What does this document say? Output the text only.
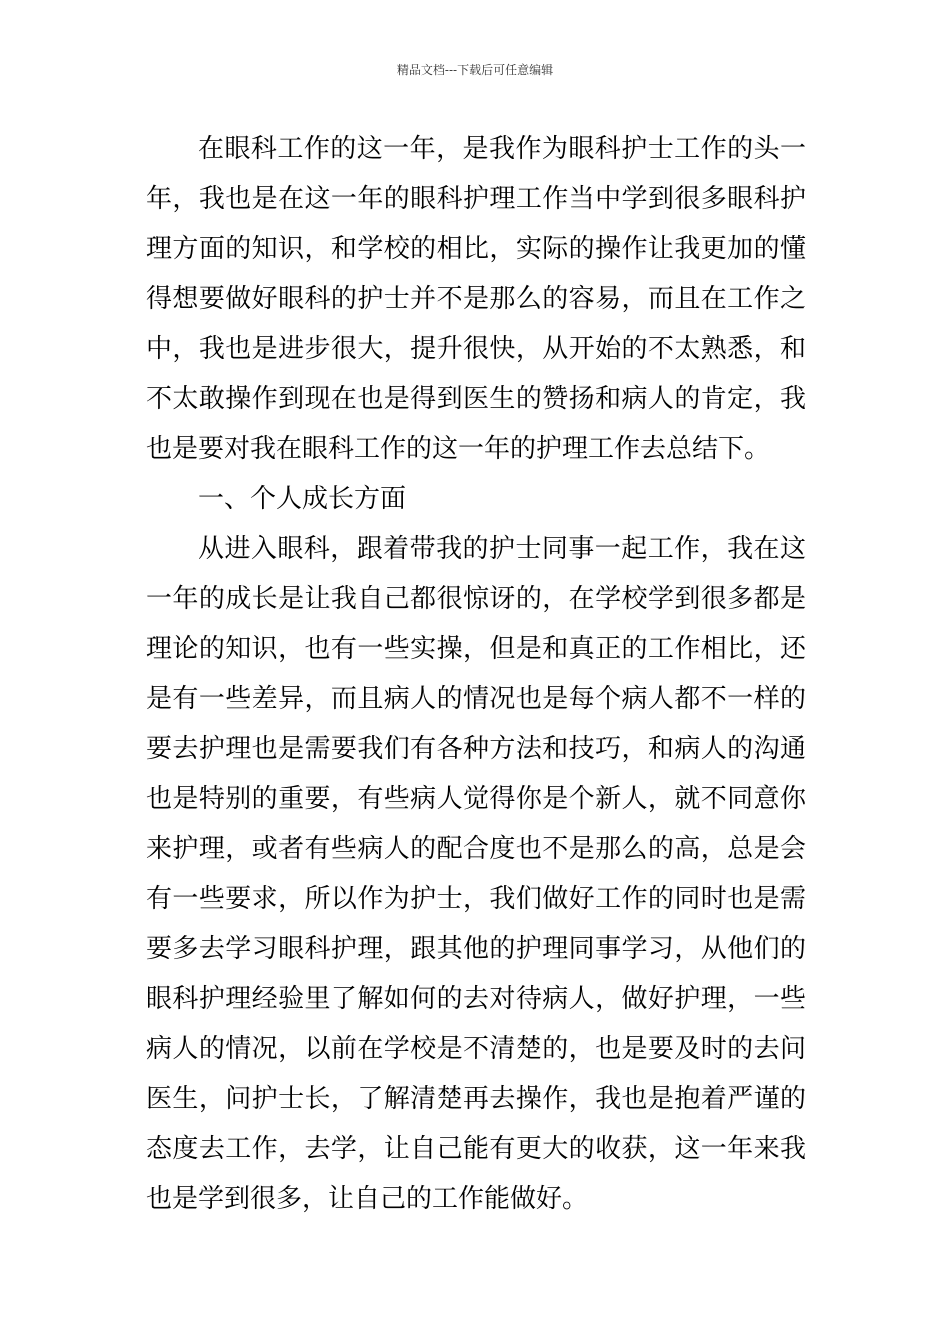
精品文档---下载后可任意编辑
在眼科工作的这一年，是我作为眼科护士工作的头一
年，我也是在这一年的眼科护理工作当中学到很多眼科护
理方面的知识，和学校的相比，实际的操作让我更加的懂
得想要做好眼科的护士并不是那么的容易，而且在工作之
中，我也是进步很大，提升很快，从开始的不太熟悉，和
不太敢操作到现在也是得到医生的赞扬和病人的肯定，我
也是要对我在眼科工作的这一年的护理工作去总结下。
一、个人成长方面
从进入眼科，跟着带我的护士同事一起工作，我在这
一年的成长是让我自己都很惊讶的，在学校学到很多都是
理论的知识，也有一些实操，但是和真正的工作相比，还
是有一些差异，而且病人的情况也是每个病人都不一样的
要去护理也是需要我们有各种方法和技巧，和病人的沟通
也是特别的重要，有些病人觉得你是个新人，就不同意你
来护理，或者有些病人的配合度也不是那么的高，总是会
有一些要求，所以作为护士，我们做好工作的同时也是需
要多去学习眼科护理，跟其他的护理同事学习，从他们的
眼科护理经验里了解如何的去对待病人，做好护理，一些
病人的情况，以前在学校是不清楚的，也是要及时的去问
医生，问护士长，了解清楚再去操作，我也是抱着严谨的
态度去工作，去学，让自己能有更大的收获，这一年来我
也是学到很多，让自己的工作能做好。
